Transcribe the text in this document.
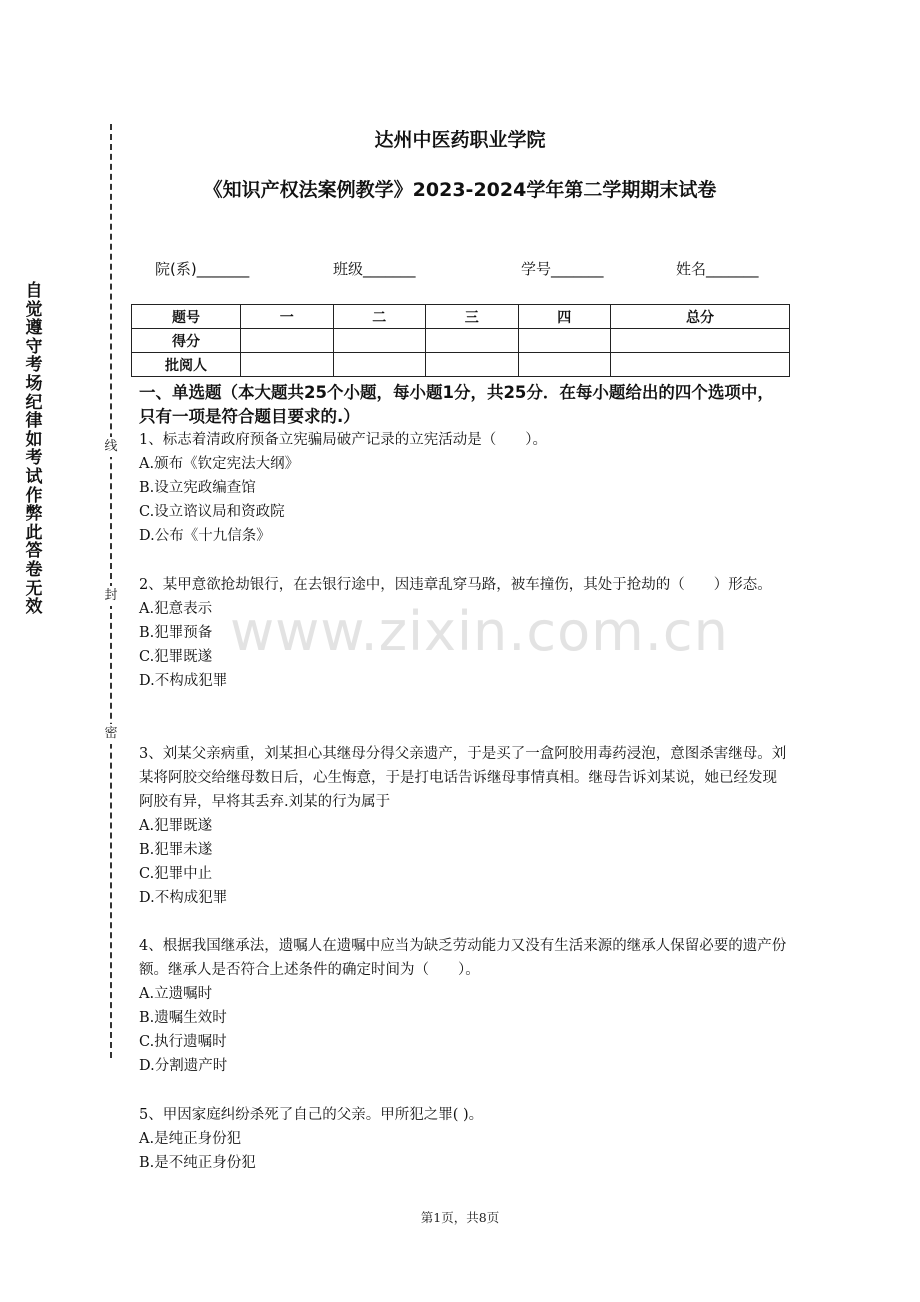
www.zixin.com.cn
自觉遵守考场纪律如考试作弊此答卷无效
线
封
密
达州中医药职业学院
《知识产权法案例教学》2023-2024学年第二学期期末试卷
院(系)_______	班级_______	学号_______	姓名_______
题号	一	二	三	四	总分
得分					
批阅人					
一、单选题（本大题共25个小题，每小题1分，共25分．在每小题给出的四个选项中，只有一项是符合题目要求的.）

1、标志着清政府预备立宪骗局破产记录的立宪活动是（　　）。

A.颁布《钦定宪法大纲》

B.设立宪政编查馆

C.设立谘议局和资政院

D.公布《十九信条》

2、某甲意欲抢劫银行，在去银行途中，因违章乱穿马路，被车撞伤，其处于抢劫的（　　）形态。

A.犯意表示

B.犯罪预备

C.犯罪既遂

D.不构成犯罪

3、刘某父亲病重，刘某担心其继母分得父亲遗产，于是买了一盒阿胶用毒药浸泡，意图杀害继母。刘某将阿胶交给继母数日后，心生悔意，于是打电话告诉继母事情真相。继母告诉刘某说，她已经发现阿胶有异，早将其丢弃.刘某的行为属于

A.犯罪既遂

B.犯罪未遂

C.犯罪中止

D.不构成犯罪

4、根据我国继承法，遗嘱人在遗嘱中应当为缺乏劳动能力又没有生活来源的继承人保留必要的遗产份额。继承人是否符合上述条件的确定时间为（　　）。

A.立遗嘱时

B.遗嘱生效时

C.执行遗嘱时

D.分割遗产时

5、甲因家庭纠纷杀死了自己的父亲。甲所犯之罪( )。

A.是纯正身份犯

B.是不纯正身份犯

第1页，共8页
